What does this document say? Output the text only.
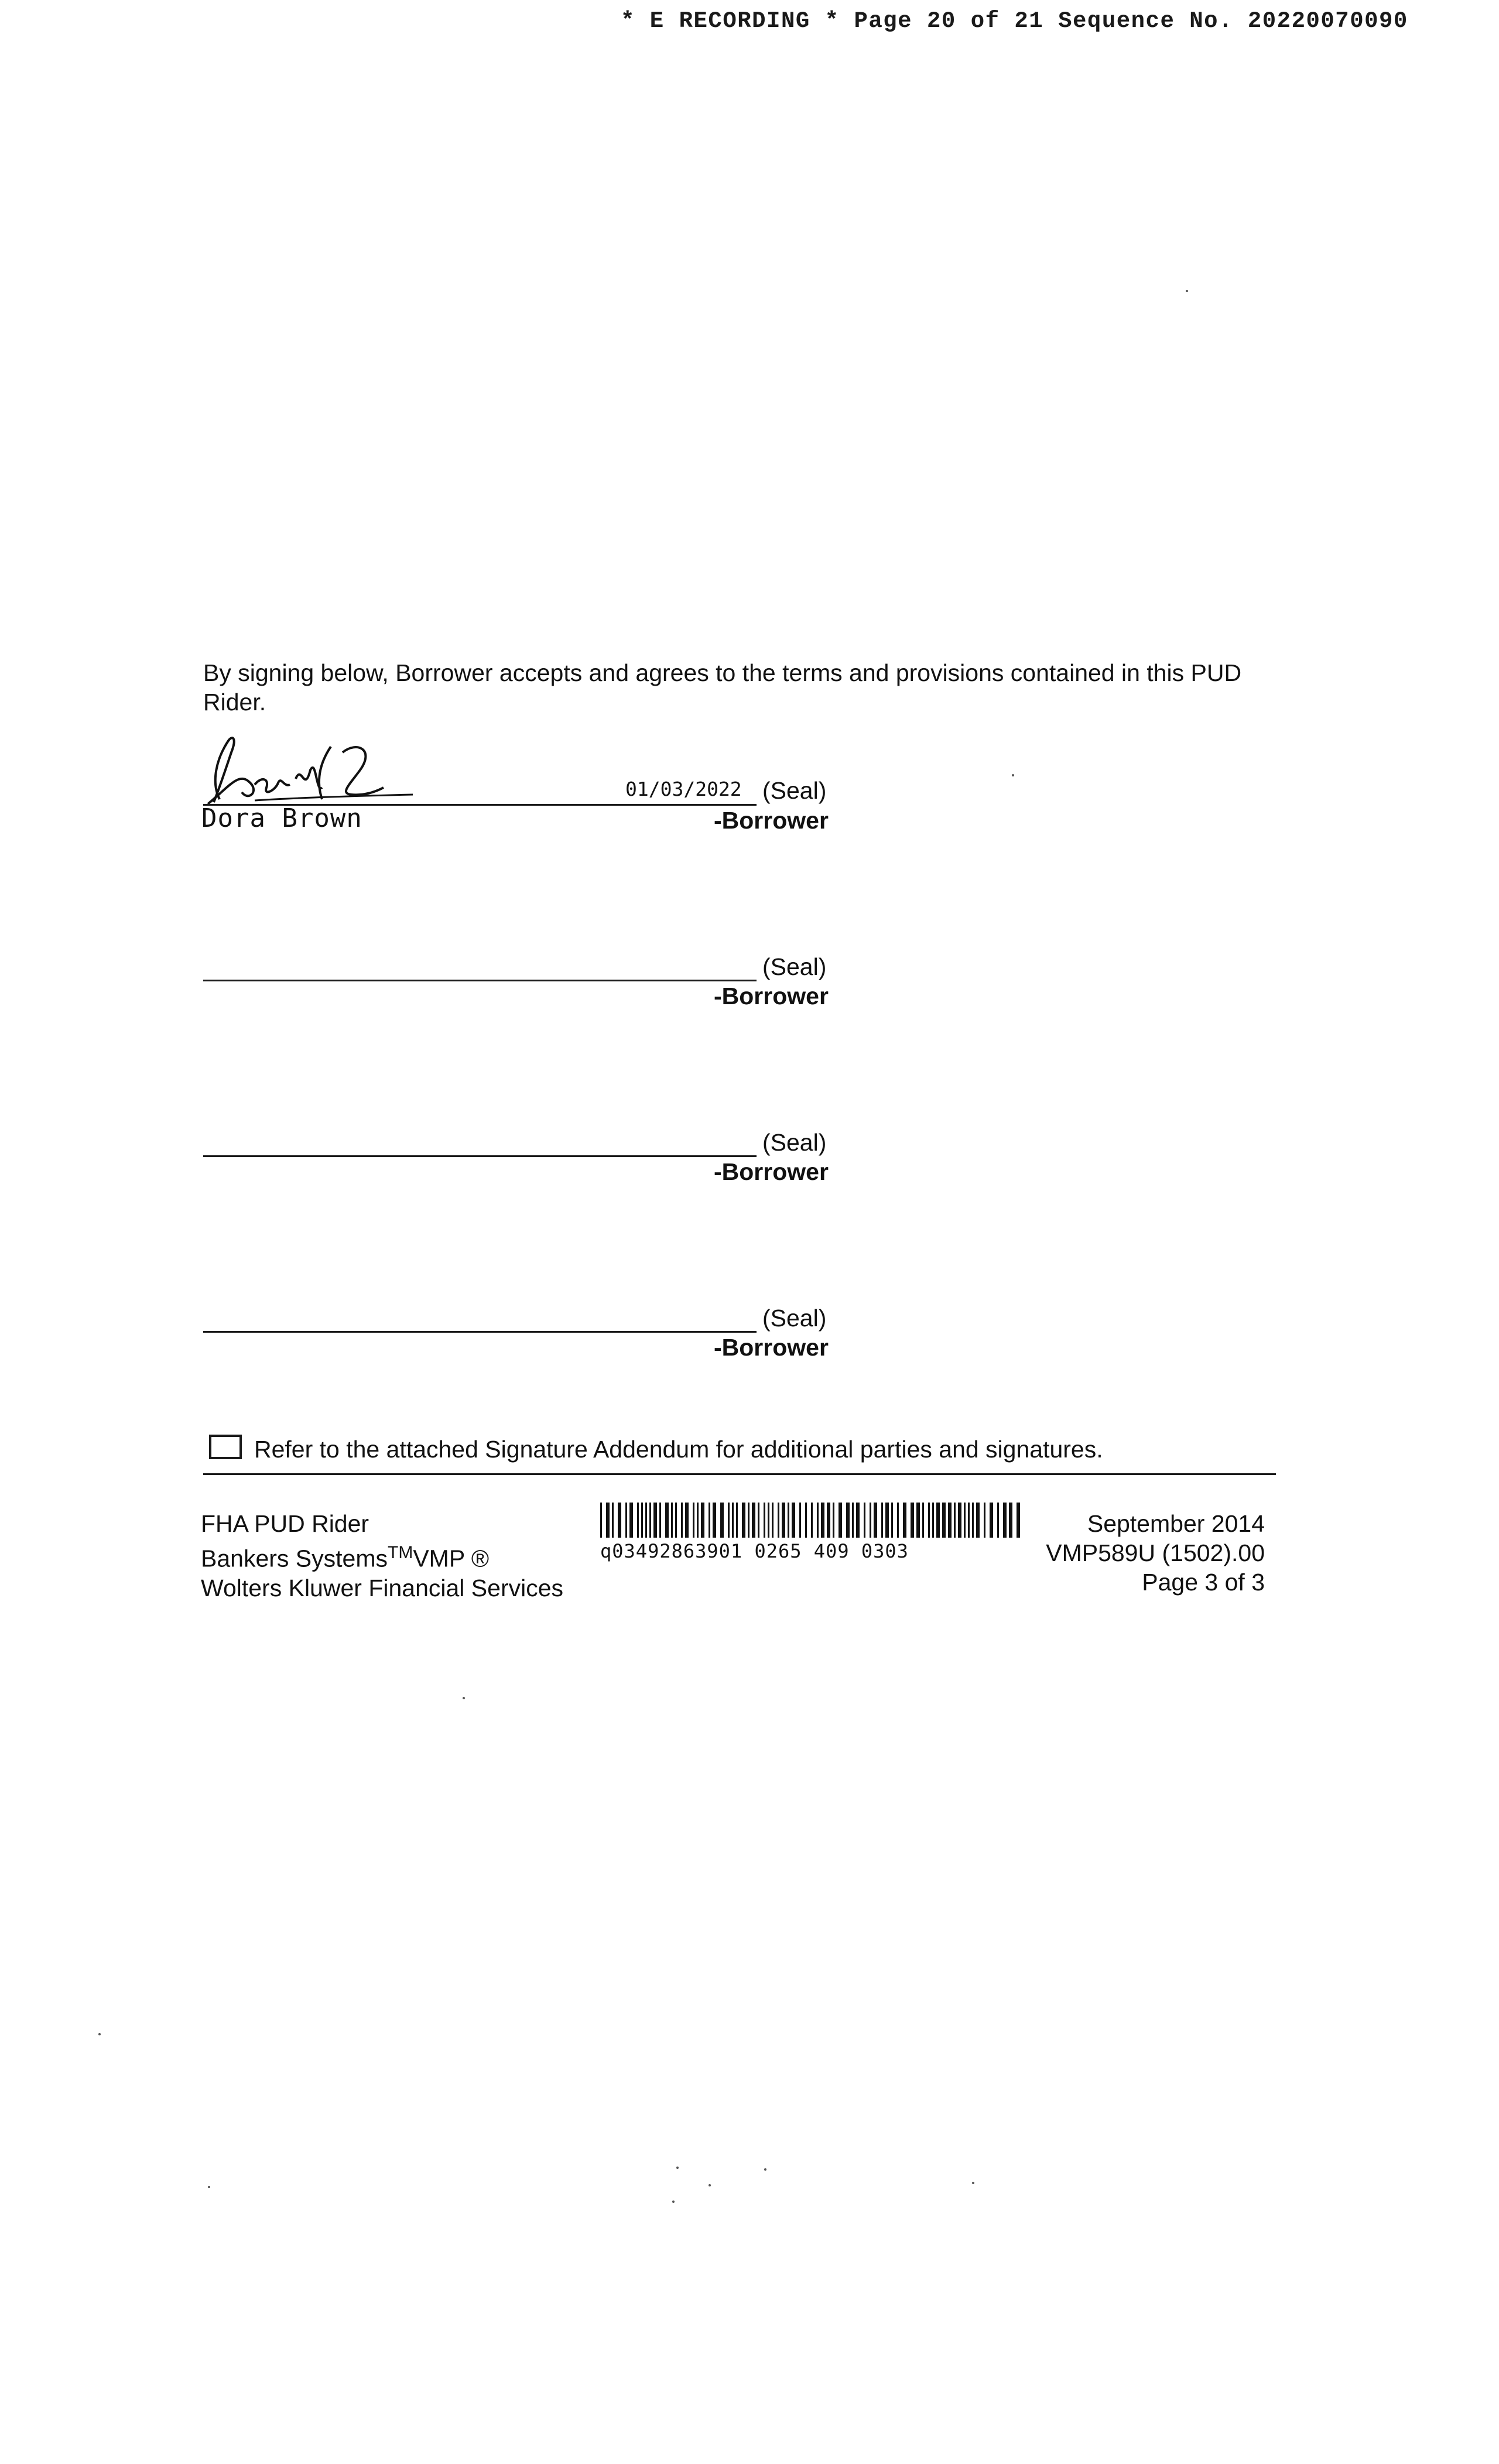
* E RECORDING * Page 20 of 21 Sequence No. 20220070090
By signing below, Borrower accepts and agrees to the terms and provisions contained in this PUD Rider.
01/03/2022 (Seal)
Dora Brown	-Borrower
(Seal)
-Borrower
(Seal)
-Borrower
(Seal)
-Borrower
Refer to the attached Signature Addendum for additional parties and signatures.
FHA PUD Rider
Bankers Systems™VMP ®
Wolters Kluwer Financial Services
q03492863901 0265 409 0303
September 2014
VMP589U (1502).00
Page 3 of 3
